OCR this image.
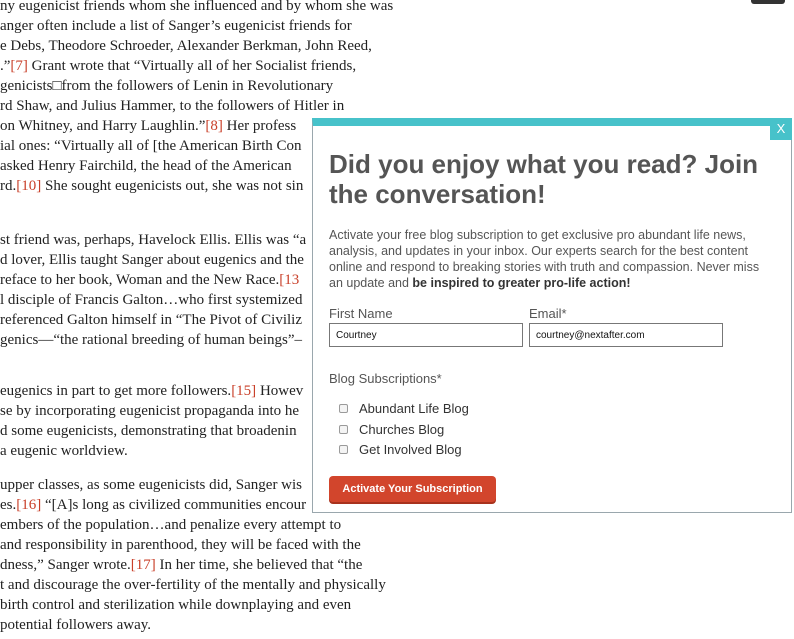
ny eugenicist friends whom she influenced and by whom she was
anger often include a list of Sanger’s eugenicist friends for
e Debs, Theodore Schroeder, Alexander Berkman, John Reed,
.”[7] Grant wrote that “Virtually all of her Socialist friends,
genicists□from the followers of Lenin in Revolutionary
rd Shaw, and Julius Hammer, to the followers of Hitler in
on Whitney, and Harry Laughlin.”[8] Her profess
ial ones: “Virtually all of [the American Birth Con
asked Henry Fairchild, the head of the American
rd.[10] She sought eugenicists out, she was not sin
st friend was, perhaps, Havelock Ellis. Ellis was “a
d lover, Ellis taught Sanger about eugenics and the
reface to her book, Woman and the New Race.[13
l disciple of Francis Galton…who first systemized
referenced Galton himself in “The Pivot of Civiliz
genics—“the rational breeding of human beings”–
eugenics in part to get more followers.[15] Howev
se by incorporating eugenicist propaganda into he
d some eugenicists, demonstrating that broadenin
a eugenic worldview.
upper classes, as some eugenicists did, Sanger wis
es.[16] “[A]s long as civilized communities encour
embers of the population…and penalize every attempt to
and responsibility in parenthood, they will be faced with the
dness,” Sanger wrote.[17] In her time, she believed that “the
t and discourage the over-fertility of the mentally and physically
birth control and sterilization while downplaying and even
potential followers away.
X
Did you enjoy what you read? Join the conversation!

Activate your free blog subscription to get exclusive pro abundant life news, analysis, and updates in your inbox. Our experts search for the best content online and respond to breaking stories with truth and compassion. Never miss an update and be inspired to greater pro-life action!

First Name
Courtney	Email*
courtney@nextafter.com
Blog Subscriptions*
Abundant Life Blog
Churches Blog
Get Involved Blog
Activate Your Subscription
